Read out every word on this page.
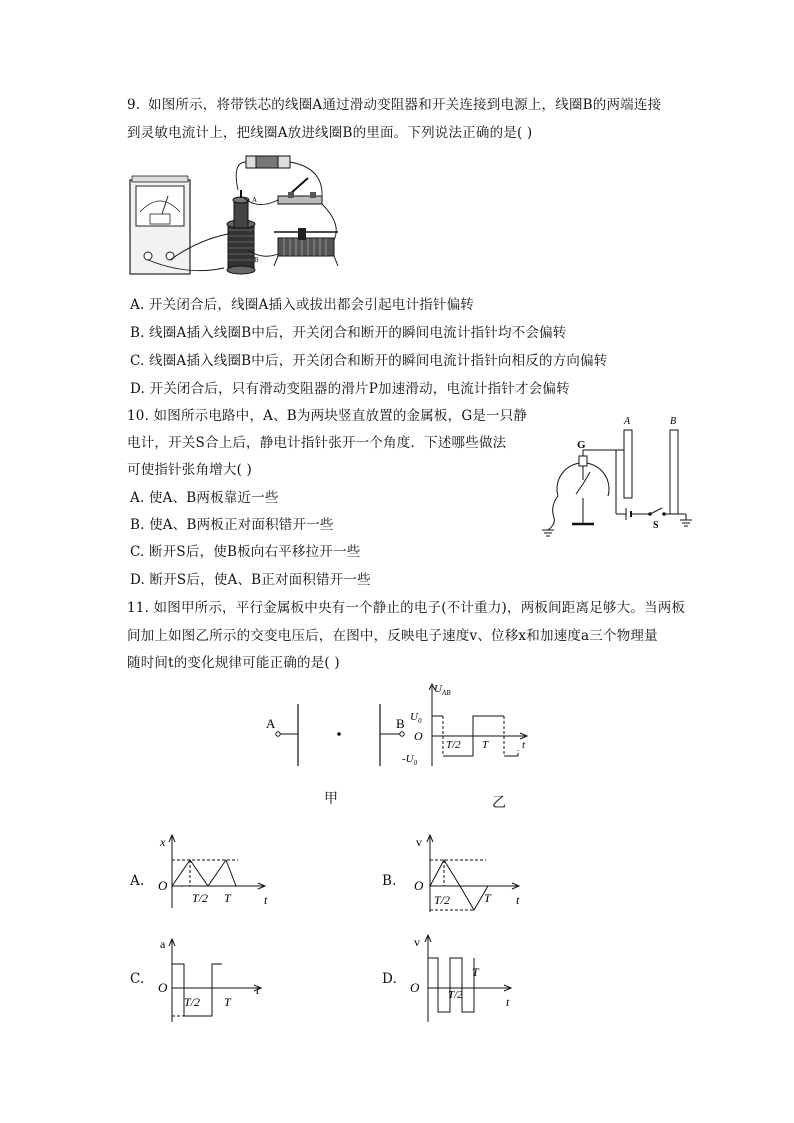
9. 如图所示，将带铁芯的线圈A通过滑动变阻器和开关连接到电源上，线圈B的两端连接
到灵敏电流计上，把线圈A放进线圈B的里面。下列说法正确的是( )
A
B
A. 开关闭合后，线圈A插入或拔出都会引起电计指针偏转
B. 线圈A插入线圈B中后，开关闭合和断开的瞬间电流计指针均不会偏转
C. 线圈A插入线圈B中后，开关闭合和断开的瞬间电流计指针向相反的方向偏转
D. 开关闭合后，只有滑动变阻器的滑片P加速滑动，电流计指针才会偏转
10. 如图所示电路中，A、B为两块竖直放置的金属板，G是一只静
电计，开关S合上后，静电计指针张开一个角度．下述哪些做法
可使指针张角增大( )
A. 使A、B两板靠近一些
B. 使A、B两板正对面积错开一些
C. 断开S后，使B板向右平移拉开一些
D. 断开S后，使A、B正对面积错开一些
G
A	B
S
11. 如图甲所示，平行金属板中央有一个静止的电子(不计重力)，两板间距离足够大。当两板
间加上如图乙所示的交变电压后，在图中，反映电子速度v、位移x和加速度a三个物理量
随时间t的变化规律可能正确的是( )
A	B
甲
$U_{AB}$
$U_0$
O
$-U_0$
T/2 T	t
乙
A.
x
O
T/2 T	t
B.
v
O
T/2	T t
C.
a
O
T/2 T
t
D.
v
O	T/2
T
t
